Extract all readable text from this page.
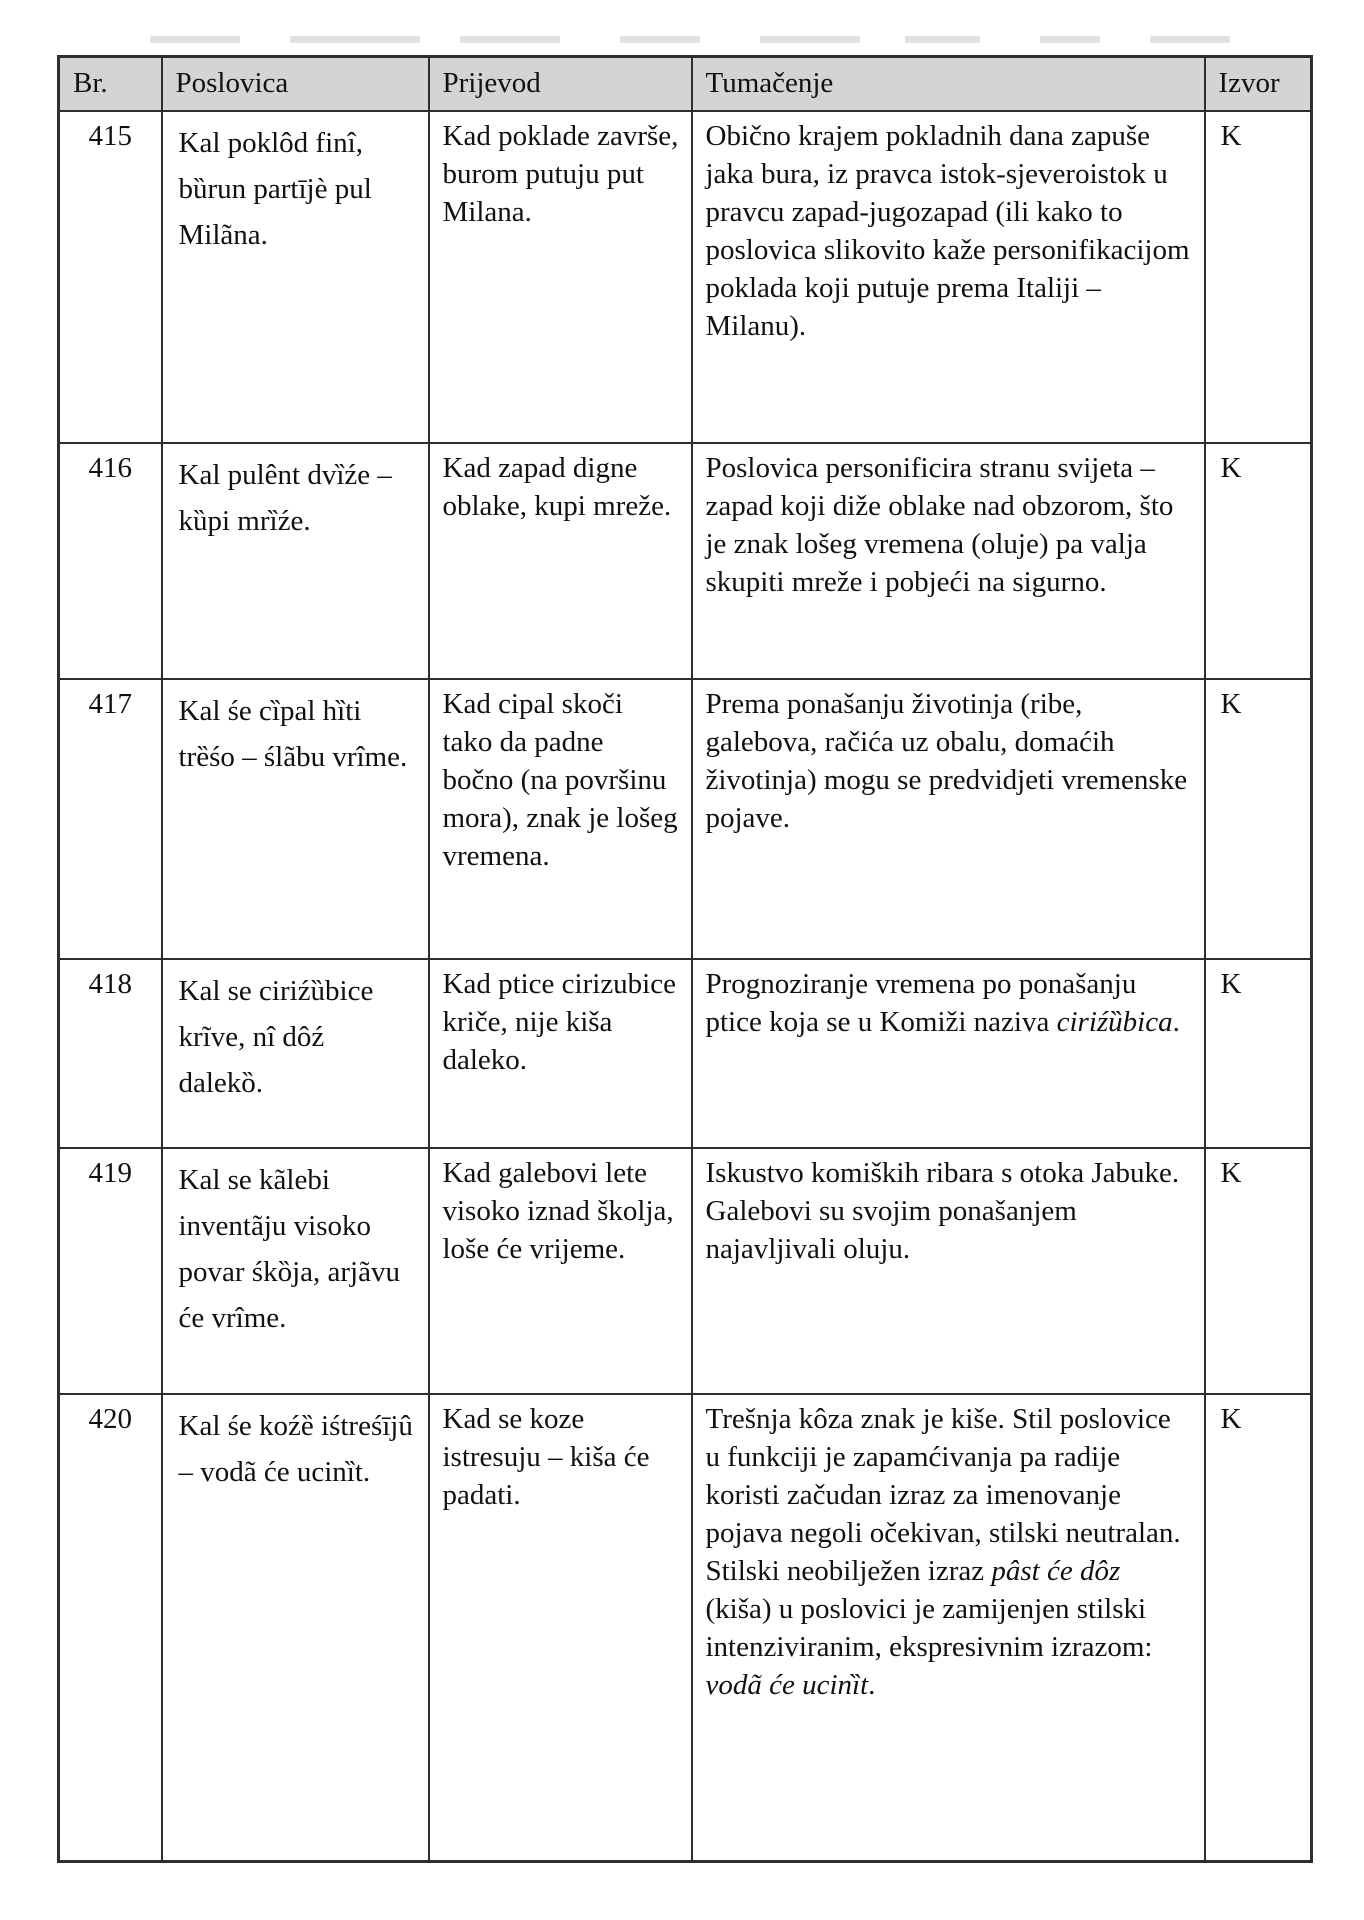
Br.	Poslovica	Prijevod	Tumačenje	Izvor
415	Kal poklôd finî, bȕrun partījè pul Milãna.	Kad poklade završe, burom putuju put Milana.	Obično krajem pokladnih dana zapuše jaka bura, iz pravca istok-sjeveroistok u pravcu zapad-jugozapad (ili kako to poslovica slikovito kaže personifikacijom poklada koji putuje prema Italiji – Milanu).	K
416	Kal pulênt dvȉźe – kȕpi mrȉźe.	Kad zapad digne oblake, kupi mreže.	Poslovica personificira stranu svijeta – zapad koji diže oblake nad obzorom, što je znak lošeg vremena (oluje) pa valja skupiti mreže i pobjeći na sigurno.	K
417	Kal śe cȉpal hȉti trȅśo – ślãbu vrîme.	Kad cipal skoči tako da padne bočno (na površinu mora), znak je lošeg vremena.	Prema ponašanju životinja (ribe, galebova, račića uz obalu, domaćih životinja) mogu se predvidjeti vremenske pojave.	K
418	Kal se ciriźȕbice krĩve, nî dôź dalekȍ.	Kad ptice cirizubice kriče, nije kiša daleko.	Prognoziranje vremena po ponašanju ptice koja se u Komiži naziva ciriźȕbica.	K
419	Kal se kãlebi inventãju visoko povar śkȍja, arjãvu će vrîme.	Kad galebovi lete visoko iznad školja, loše će vrijeme.	Iskustvo komiških ribara s otoka Jabuke. Galebovi su svojim ponašanjem najavljivali oluju.	K
420	Kal śe koźȅ iśtreśījû – vodã će ucinȉt.	Kad se koze istresuju – kiša će padati.	Trešnja kôza znak je kiše. Stil poslovice u funkciji je zapamćivanja pa radije koristi začudan izraz za imenovanje pojava negoli očekivan, stilski neutralan. Stilski neobilježen izraz pâst će dôz (kiša) u poslovici je zamijenjen stilski intenziviranim, ekspresivnim izrazom: vodã će ucinȉt.	K
